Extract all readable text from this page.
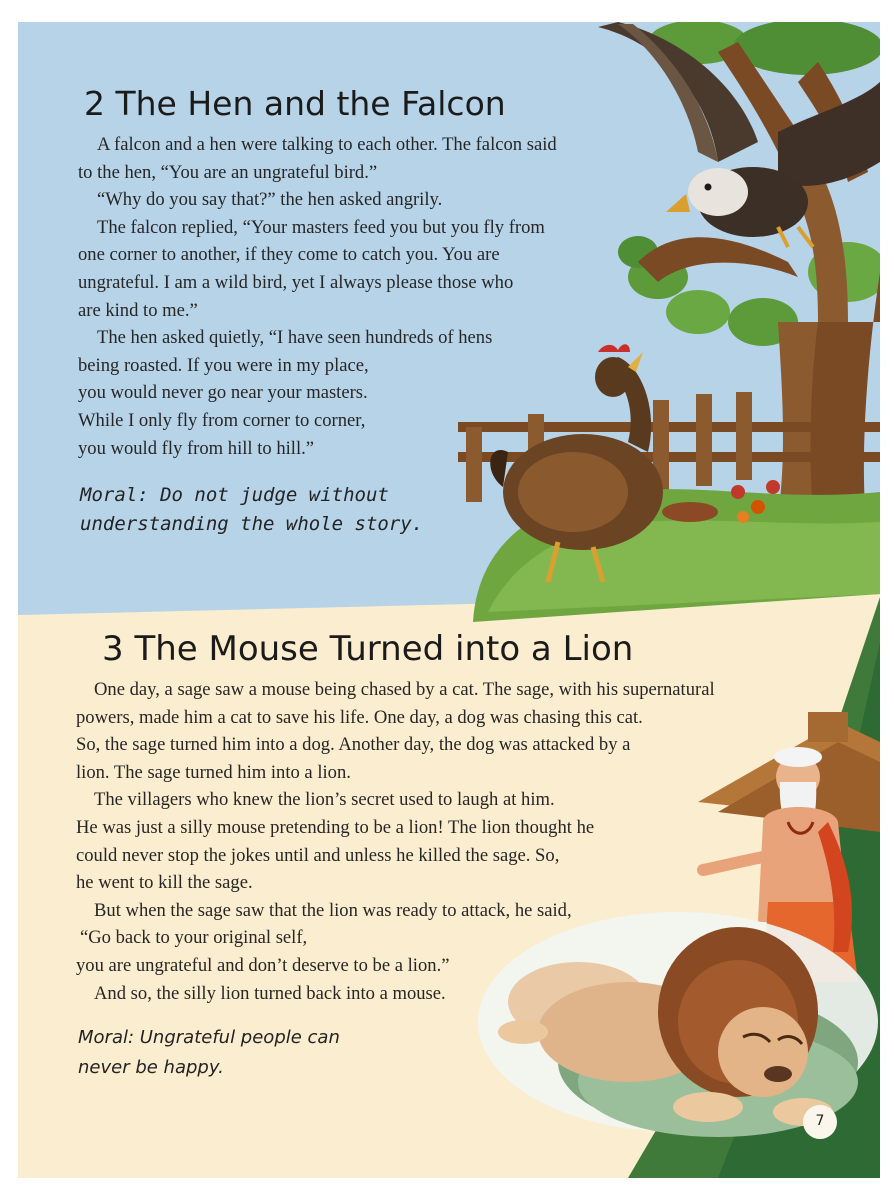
2 The Hen and the Falcon
A falcon and a hen were talking to each other. The falcon said
to the hen, “You are an ungrateful bird.”
“Why do you say that?” the hen asked angrily.
The falcon replied, “Your masters feed you but you fly from
one corner to another, if they come to catch you. You are
ungrateful. I am a wild bird, yet I always please those who
are kind to me.”
The hen asked quietly, “I have seen hundreds of hens
being roasted. If you were in my place,
you would never go near your masters.
While I only fly from corner to corner,
you would fly from hill to hill.”
Moral: Do not judge without
understanding the whole story.
3 The Mouse Turned into a Lion
One day, a sage saw a mouse being chased by a cat. The sage, with his supernatural
powers, made him a cat to save his life. One day, a dog was chasing this cat.
So, the sage turned him into a dog. Another day, the dog was attacked by a
lion. The sage turned him into a lion.
The villagers who knew the lion’s secret used to laugh at him.
He was just a silly mouse pretending to be a lion! The lion thought he
could never stop the jokes until and unless he killed the sage. So,
he went to kill the sage.
But when the sage saw that the lion was ready to attack, he said,
“Go back to your original self,
you are ungrateful and don’t deserve to be a lion.”
And so, the silly lion turned back into a mouse.
Moral: Ungrateful people can
never be happy.
7
